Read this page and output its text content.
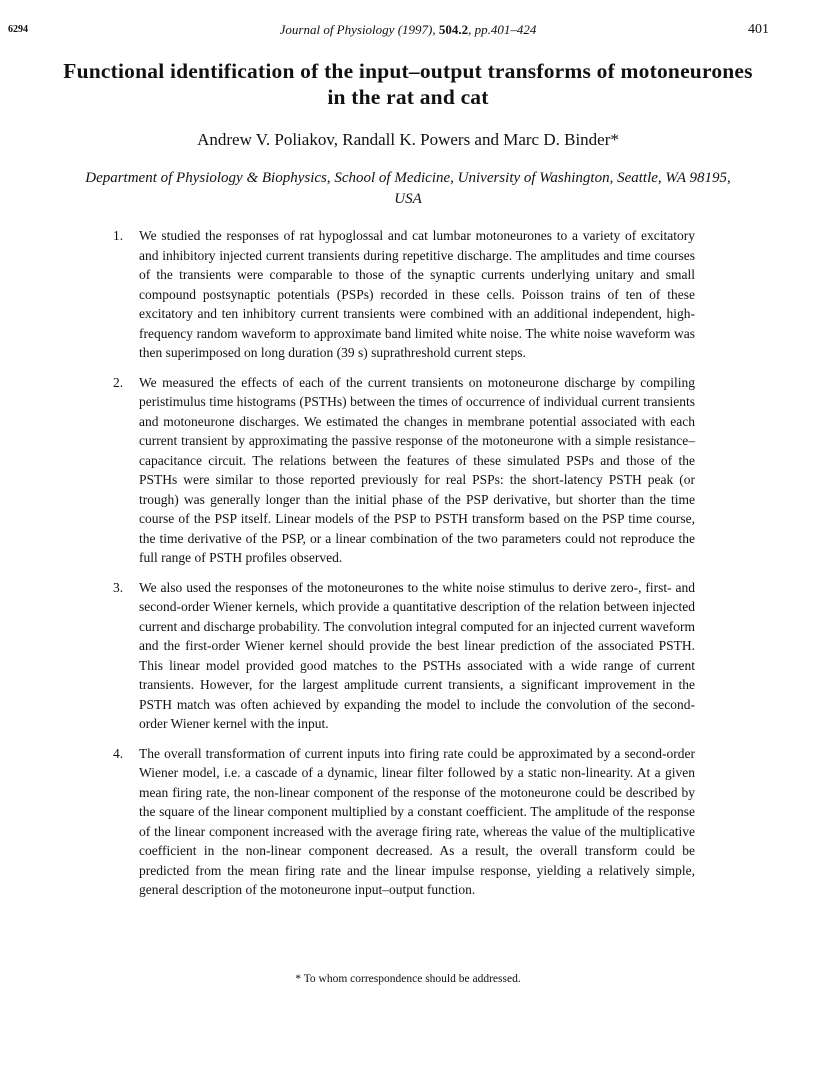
6294	Journal of Physiology (1997), 504.2, pp.401–424	401
Functional identification of the input–output transforms of motoneurones in the rat and cat
Andrew V. Poliakov, Randall K. Powers and Marc D. Binder*
Department of Physiology & Biophysics, School of Medicine, University of Washington, Seattle, WA 98195, USA
1.	We studied the responses of rat hypoglossal and cat lumbar motoneurones to a variety of excitatory and inhibitory injected current transients during repetitive discharge. The amplitudes and time courses of the transients were comparable to those of the synaptic currents underlying unitary and small compound postsynaptic potentials (PSPs) recorded in these cells. Poisson trains of ten of these excitatory and ten inhibitory current transients were combined with an additional independent, high-frequency random waveform to approximate band limited white noise. The white noise waveform was then superimposed on long duration (39 s) suprathreshold current steps.
2.	We measured the effects of each of the current transients on motoneurone discharge by compiling peristimulus time histograms (PSTHs) between the times of occurrence of individual current transients and motoneurone discharges. We estimated the changes in membrane potential associated with each current transient by approximating the passive response of the motoneurone with a simple resistance–capacitance circuit. The relations between the features of these simulated PSPs and those of the PSTHs were similar to those reported previously for real PSPs: the short-latency PSTH peak (or trough) was generally longer than the initial phase of the PSP derivative, but shorter than the time course of the PSP itself. Linear models of the PSP to PSTH transform based on the PSP time course, the time derivative of the PSP, or a linear combination of the two parameters could not reproduce the full range of PSTH profiles observed.
3.	We also used the responses of the motoneurones to the white noise stimulus to derive zero-, first- and second-order Wiener kernels, which provide a quantitative description of the relation between injected current and discharge probability. The convolution integral computed for an injected current waveform and the first-order Wiener kernel should provide the best linear prediction of the associated PSTH. This linear model provided good matches to the PSTHs associated with a wide range of current transients. However, for the largest amplitude current transients, a significant improvement in the PSTH match was often achieved by expanding the model to include the convolution of the second-order Wiener kernel with the input.
4.	The overall transformation of current inputs into firing rate could be approximated by a second-order Wiener model, i.e. a cascade of a dynamic, linear filter followed by a static non-linearity. At a given mean firing rate, the non-linear component of the response of the motoneurone could be described by the square of the linear component multiplied by a constant coefficient. The amplitude of the response of the linear component increased with the average firing rate, whereas the value of the multiplicative coefficient in the non-linear component decreased. As a result, the overall transform could be predicted from the mean firing rate and the linear impulse response, yielding a relatively simple, general description of the motoneurone input–output function.
* To whom correspondence should be addressed.
